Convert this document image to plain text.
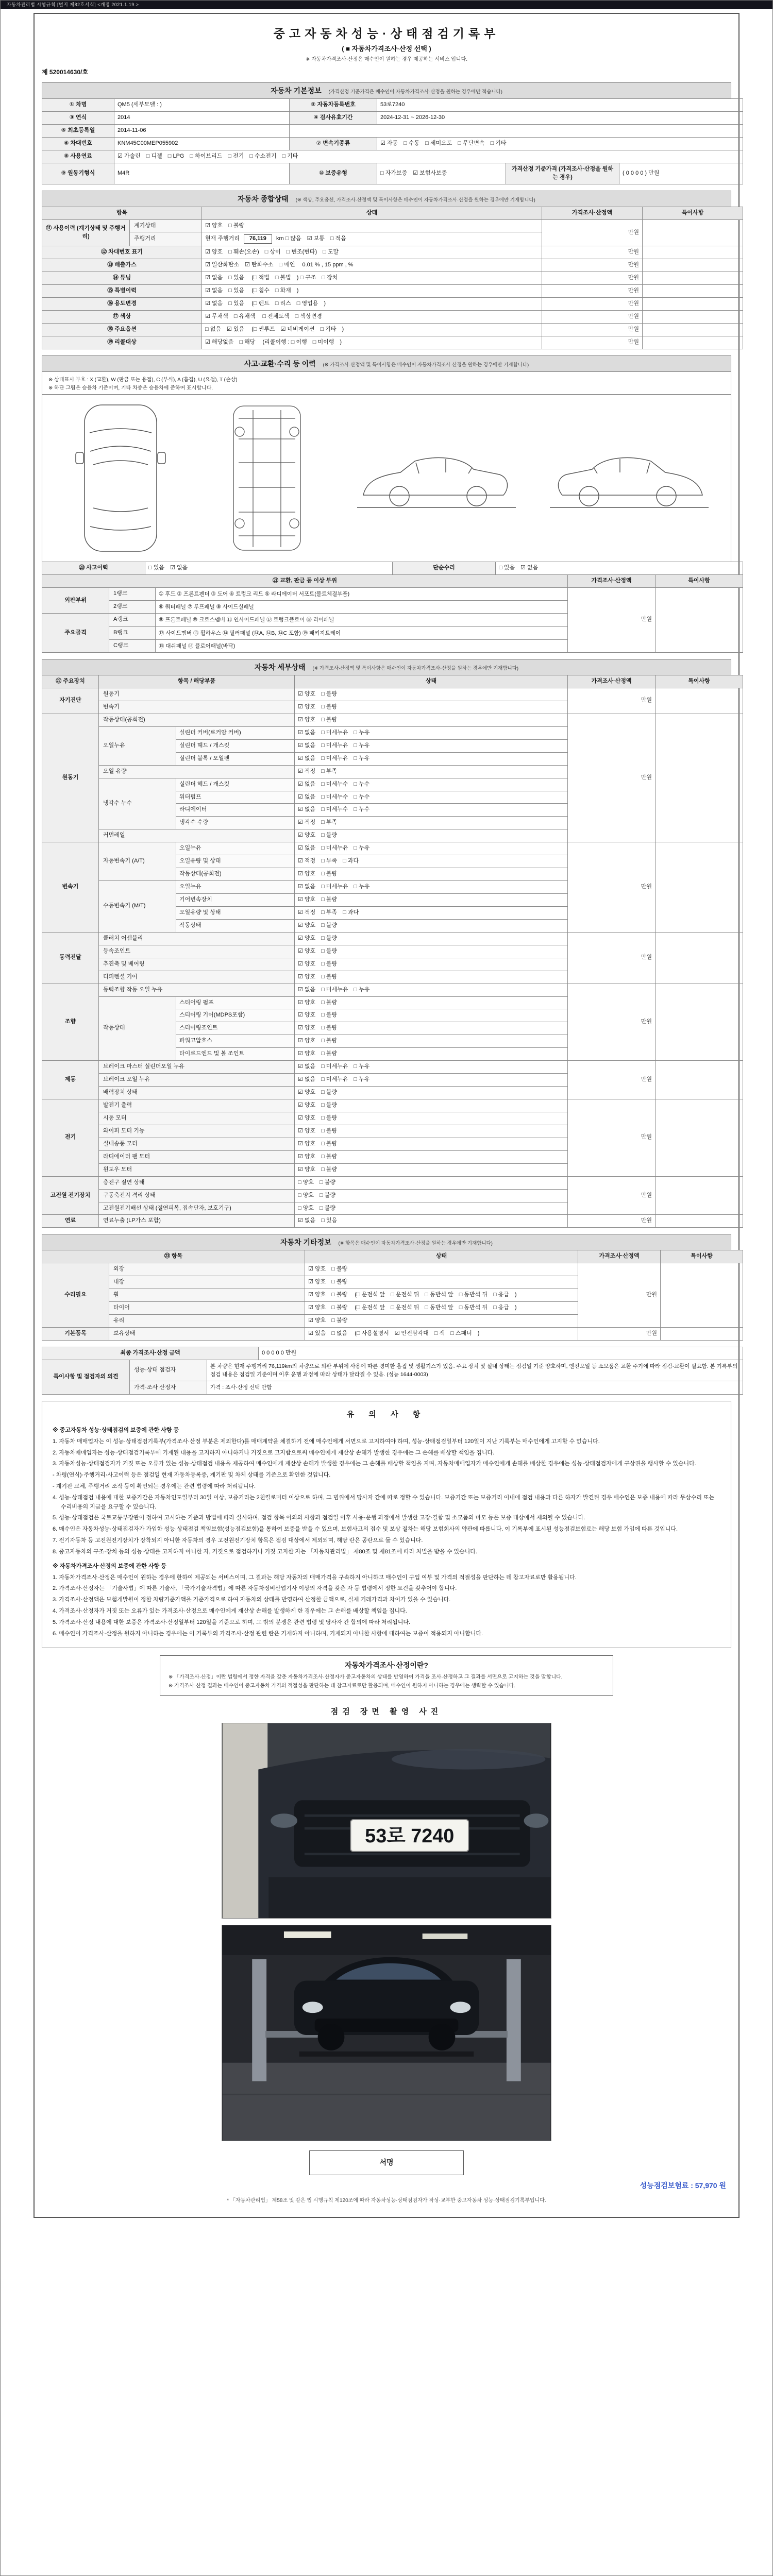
자동차관리법 시행규칙 [별지 제82호서식] <개정 2021.1.19.>
중고자동차성능·상태점검기록부
( ■ 자동차가격조사·산정 선택 )
※ 자동차가격조사·산정은 매수인이 원하는 경우 제공하는 서비스 입니다.
제 520014630/호
자동차 기본정보 (가격산정 기준가격은 매수인이 자동차가격조사·산정을 원하는 경우에만 적습니다)
① 차명	QM5 (세부모델 : )	② 자동차등록번호	53로7240		
③ 연식	2014	④ 검사유효기간	2024-12-31 ~ 2026-12-30		
⑤ 최초등록일	2014-11-06				
⑥ 차대번호	KNM45C00MEP055902	⑦ 변속기종류	☑ 자동 □ 수동 □ 세미오토 □ 무단변속 □ 기타		
⑧ 사용연료	☑ 가솔린 □ 디젤 □ LPG □ 하이브리드 □ 전기 □ 수소전기 □ 기타				
⑨ 원동기형식	M4R	⑩ 보증유형	□ 자가보증 ☑ 보험사보증	가격산정 기준가격 (가격조사·산정을 원하는 경우)	( 0 0 0 0 ) 만원
자동차 종합상태 (※ 색상, 주요옵션, 가격조사·산정액 및 특이사항은 매수인이 자동차가격조사·산정을 원하는 경우에만 기재합니다)
항목		상태	가격조사·산정액	특이사항
⑪ 사용이력 (계기상태 및 주행거리)	계기상태	☑ 양호 □ 불량	만원	
	주행거리	현재 주행거리 76,119 km □ 많음 ☑ 보통 □ 적음		
⑫ 차대번호 표기		☑ 양호 □ 훼손(오손) □ 상이 □ 변조(변타) □ 도말	만원	
⑬ 배출가스		☑ 일산화탄소 ☑ 탄화수소 □ 매연 0.01 % , 15 ppm , %	만원	
⑭ 튜닝		☑ 없음 □ 있음 (□ 적법 □ 불법 ) □ 구조 □ 장치	만원	
⑮ 특별이력		☑ 없음 □ 있음 (□ 침수 □ 화재 )	만원	
⑯ 용도변경		☑ 없음 □ 있음 (□ 렌트 □ 리스 □ 영업용 )	만원	
⑰ 색상		☑ 무채색 □ 유채색 □ 전체도색 □ 색상변경	만원	
⑱ 주요옵션		□ 없음 ☑ 있음 (□ 썬루프 ☑ 네비게이션 □ 기타 )	만원	
⑲ 리콜대상		☑ 해당없음 □ 해당 (리콜이행 : □ 이행 □ 미이행 )	만원	
사고·교환·수리 등 이력 (※ 가격조사·산정액 및 특이사항은 매수인이 자동차가격조사·산정을 원하는 경우에만 기재합니다)

※ 상태표시 부호 : X (교환), W (판금 또는 용접), C (부식), A (흠집), U (요철), T (손상)

※ 하단 그림은 승용차 기준이며, 기타 차종은 승용차에 준하여 표시합니다.

⑳ 사고이력	□ 있음 ☑ 없음	단순수리	□ 있음 ☑ 없음
㉑ 교환, 판금 등 이상 부위			가격조사·산정액	특이사항
외판부위	1랭크	① 후드 ② 프론트펜더 ③ 도어 ④ 트렁크 리드 ⑤ 라디에이터 서포트(볼트체결부품)	만원	
	2랭크	⑥ 쿼터패널 ⑦ 루프패널 ⑧ 사이드실패널		
주요골격	A랭크	⑨ 프론트패널 ⑩ 크로스멤버 ⑪ 인사이드패널 ⑰ 트렁크플로어 ⑱ 리어패널		
	B랭크	⑫ 사이드멤버 ⑬ 휠하우스 ⑭ 필러패널 (⑭A, ⑭B, ⑭C 포함) ⑲ 패키지트레이		
	C랭크	⑮ 대쉬패널 ⑯ 플로어패널(바닥)		
자동차 세부상태 (※ 가격조사·산정액 및 특이사항은 매수인이 자동차가격조사·산정을 원하는 경우에만 기재합니다)
㉒ 주요장치	항목 / 해당부품		상태	가격조사·산정액	특이사항
자기진단	원동기		☑ 양호 □ 불량	만원	
	변속기		☑ 양호 □ 불량		
원동기	작동상태(공회전)		☑ 양호 □ 불량	만원	
	오일누유	실린더 커버(로커암 커버)	☑ 없음 □ 미세누유 □ 누유		
		실린더 헤드 / 개스킷	☑ 없음 □ 미세누유 □ 누유		
		실린더 블록 / 오일팬	☑ 없음 □ 미세누유 □ 누유		
	오일 유량		☑ 적정 □ 부족		
	냉각수 누수	실린더 헤드 / 개스킷	☑ 없음 □ 미세누수 □ 누수		
		워터펌프	☑ 없음 □ 미세누수 □ 누수		
		라디에이터	☑ 없음 □ 미세누수 □ 누수		
		냉각수 수량	☑ 적정 □ 부족		
	커먼레일		☑ 양호 □ 불량		
변속기	자동변속기 (A/T)	오일누유	☑ 없음 □ 미세누유 □ 누유	만원	
		오일유량 및 상태	☑ 적정 □ 부족 □ 과다		
		작동상태(공회전)	☑ 양호 □ 불량		
	수동변속기 (M/T)	오일누유	☑ 없음 □ 미세누유 □ 누유		
		기어변속장치	☑ 양호 □ 불량		
		오일유량 및 상태	☑ 적정 □ 부족 □ 과다		
		작동상태	☑ 양호 □ 불량		
동력전달	클러치 어셈블리		☑ 양호 □ 불량	만원	
	등속조인트		☑ 양호 □ 불량		
	추진축 및 베어링		☑ 양호 □ 불량		
	디퍼렌셜 기어		☑ 양호 □ 불량		
조향	동력조향 작동 오일 누유		☑ 없음 □ 미세누유 □ 누유	만원	
	작동상태	스티어링 펌프	☑ 양호 □ 불량		
		스티어링 기어(MDPS포함)	☑ 양호 □ 불량		
		스티어링조인트	☑ 양호 □ 불량		
		파워고압호스	☑ 양호 □ 불량		
		타이로드엔드 및 볼 조인트	☑ 양호 □ 불량		
제동	브레이크 마스터 실린더오일 누유		☑ 없음 □ 미세누유 □ 누유	만원	
	브레이크 오일 누유		☑ 없음 □ 미세누유 □ 누유		
	배력장치 상태		☑ 양호 □ 불량		
전기	발전기 출력		☑ 양호 □ 불량	만원	
	시동 모터		☑ 양호 □ 불량		
	와이퍼 모터 기능		☑ 양호 □ 불량		
	실내송풍 모터		☑ 양호 □ 불량		
	라디에이터 팬 모터		☑ 양호 □ 불량		
	윈도우 모터		☑ 양호 □ 불량		
고전원 전기장치	충전구 절연 상태		□ 양호 □ 불량	만원	
	구동축전지 격리 상태		□ 양호 □ 불량		
	고전원전기배선 상태 (절연피복, 접속단자, 보호기구)		□ 양호 □ 불량		
연료	연료누출 (LP가스 포함)		☑ 없음 □ 있음	만원	
자동차 기타정보 (※ 항목은 매수인이 자동차가격조사·산정을 원하는 경우에만 기재합니다)
㉓ 항목		상태	가격조사·산정액	특이사항
수리필요	외장	☑ 양호 □ 불량	만원	
	내장	☑ 양호 □ 불량		
	휠	☑ 양호 □ 불량 (□ 운전석 앞 □ 운전석 뒤 □ 동반석 앞 □ 동반석 뒤 □ 응급 )		
	타이어	☑ 양호 □ 불량 (□ 운전석 앞 □ 운전석 뒤 □ 동반석 앞 □ 동반석 뒤 □ 응급 )		
	유리	☑ 양호 □ 불량		
기본품목	보유상태	☑ 있음 □ 없음 (□ 사용설명서 ☑ 안전삼각대 □ 잭 □ 스패너 )	만원	
최종 가격조사·산정 금액	0 0 0 0 0 만원
특이사항 및 점검자의 의견	성능·상태 점검자	본 차량은 현재 주행거리 76,119km의 차량으로 외판 부위에 사용에 따른 경미한 흠집 및 생활기스가 있음. 주요 장치 및 실내 상태는 점검일 기준 양호하며, 엔진오일 등 소모품은 교환 주기에 따라 점검·교환이 필요함. 본 기록부의 점검 내용은 점검일 기준이며 이후 운행 과정에 따라 상태가 달라질 수 있음. (성능 1644-0003)
	가격·조사 산정자	가격 : 조사·산정 선택 안함
유 의 사 항

※ 중고자동차 성능·상태점검의 보증에 관한 사항 등

1. 자동차 매매업자는 이 성능·상태점검기록부(가격조사·산정 부분은 제외한다)를 매매계약을 체결하기 전에 매수인에게 서면으로 고지하여야 하며, 성능·상태점검일부터 120일이 지난 기록부는 매수인에게 고지할 수 없습니다.

2. 자동차매매업자는 성능·상태점검기록부에 기재된 내용을 고지하지 아니하거나 거짓으로 고지함으로써 매수인에게 재산상 손해가 발생한 경우에는 그 손해를 배상할 책임을 집니다.

3. 자동차성능·상태점검자가 거짓 또는 오류가 있는 성능·상태점검 내용을 제공하여 매수인에게 재산상 손해가 발생한 경우에는 그 손해를 배상할 책임을 지며, 자동차매매업자가 매수인에게 손해를 배상한 경우에는 성능·상태점검자에게 구상권을 행사할 수 있습니다.

- 차령(연식)·주행거리·사고이력 등은 점검일 현재 자동차등록증, 계기판 및 차체 상태를 기준으로 확인한 것입니다.

- 계기판 교체, 주행거리 조작 등이 확인되는 경우에는 관련 법령에 따라 처리됩니다.

4. 성능·상태점검 내용에 대한 보증기간은 자동차인도일부터 30일 이상, 보증거리는 2천킬로미터 이상으로 하며, 그 범위에서 당사자 간에 따로 정할 수 있습니다. 보증기간 또는 보증거리 이내에 점검 내용과 다른 하자가 발견된 경우 매수인은 보증 내용에 따라 무상수리 또는 수리비용의 지급을 요구할 수 있습니다.

5. 성능·상태점검은 국토교통부장관이 정하여 고시하는 기준과 방법에 따라 실시하며, 점검 항목 이외의 사항과 점검일 이후 사용·운행 과정에서 발생한 고장·결함 및 소모품의 마모 등은 보증 대상에서 제외될 수 있습니다.

6. 매수인은 자동차성능·상태점검자가 가입한 성능·상태점검 책임보험(성능점검보험)을 통하여 보증을 받을 수 있으며, 보험사고의 접수 및 보상 절차는 해당 보험회사의 약관에 따릅니다. 이 기록부에 표시된 성능점검보험료는 해당 보험 가입에 따른 것입니다.

7. 전기자동차 등 고전원전기장치가 장착되지 아니한 자동차의 경우 고전원전기장치 항목은 점검 대상에서 제외되며, 해당 란은 공란으로 둘 수 있습니다.

8. 중고자동차의 구조·장치 등의 성능·상태를 고지하지 아니한 자, 거짓으로 점검하거나 거짓 고지한 자는 「자동차관리법」 제80조 및 제81조에 따라 처벌을 받을 수 있습니다.

※ 자동차가격조사·산정의 보증에 관한 사항 등

1. 자동차가격조사·산정은 매수인이 원하는 경우에 한하여 제공되는 서비스이며, 그 결과는 해당 자동차의 매매가격을 구속하지 아니하고 매수인이 구입 여부 및 가격의 적절성을 판단하는 데 참고자료로만 활용됩니다.

2. 가격조사·산정자는 「기술사법」에 따른 기술사, 「국가기술자격법」에 따른 자동차정비산업기사 이상의 자격을 갖춘 자 등 법령에서 정한 요건을 갖추어야 합니다.

3. 가격조사·산정액은 보험개발원이 정한 차량기준가액을 기준가격으로 하여 자동차의 상태를 반영하여 산정한 금액으로, 실제 거래가격과 차이가 있을 수 있습니다.

4. 가격조사·산정자가 거짓 또는 오류가 있는 가격조사·산정으로 매수인에게 재산상 손해를 발생하게 한 경우에는 그 손해를 배상할 책임을 집니다.

5. 가격조사·산정 내용에 대한 보증은 가격조사·산정일부터 120일을 기준으로 하며, 그 밖의 분쟁은 관련 법령 및 당사자 간 합의에 따라 처리됩니다.

6. 매수인이 가격조사·산정을 원하지 아니하는 경우에는 이 기록부의 가격조사·산정 관련 란은 기재하지 아니하며, 기재되지 아니한 사항에 대하여는 보증이 적용되지 아니합니다.

자동차가격조사·산정이란?

※ 「가격조사·산정」이란 법령에서 정한 자격을 갖춘 자동차가격조사·산정자가 중고자동차의 상태를 반영하여 가격을 조사·산정하고 그 결과를 서면으로 고지하는 것을 말합니다.

※ 가격조사·산정 결과는 매수인이 중고자동차 가격의 적절성을 판단하는 데 참고자료로만 활용되며, 매수인이 원하지 아니하는 경우에는 생략할 수 있습니다.

점검 장면 촬영 사진
53로 7240
서명
성능점검보험료 : 57,970 원
* 「자동차관리법」 제58조 및 같은 법 시행규칙 제120조에 따라 자동차성능·상태점검자가 작성·교부한 중고자동차 성능·상태점검기록부입니다.
